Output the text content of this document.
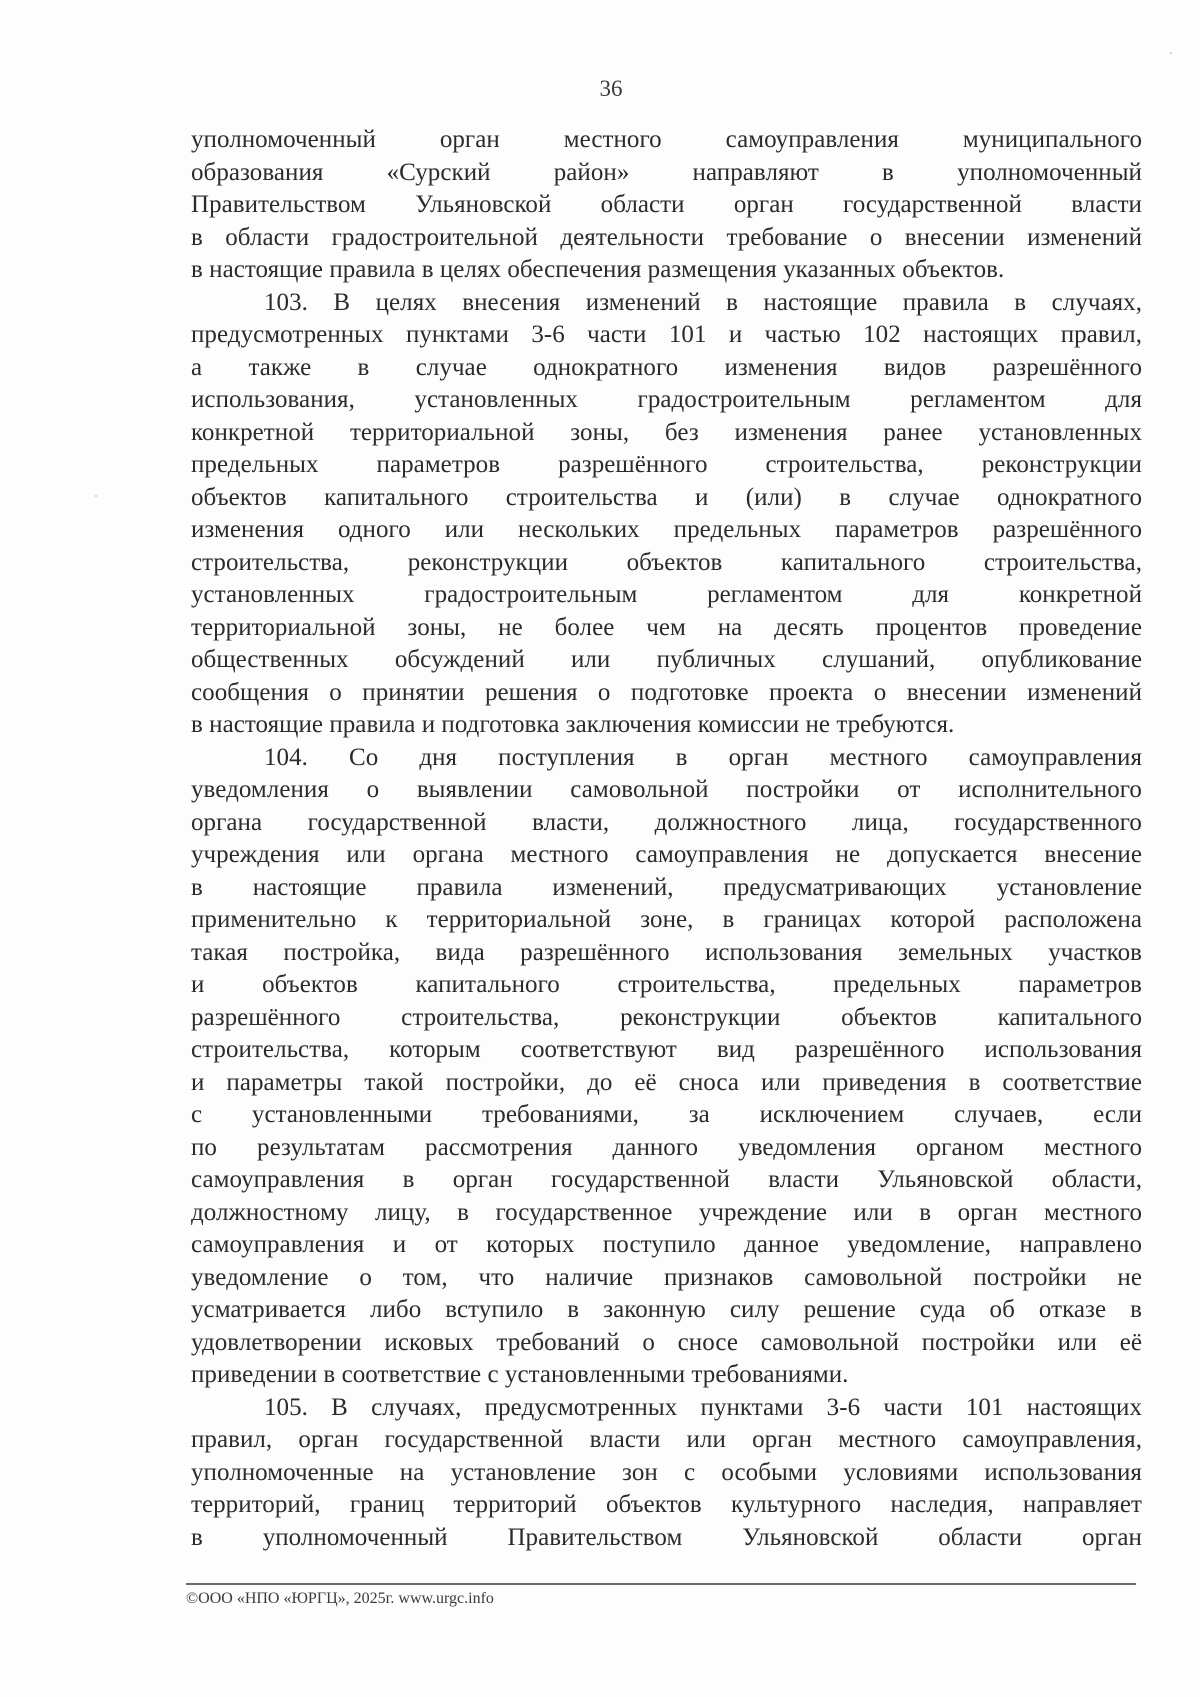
36
уполномоченный орган местного самоуправления муниципального
образования «Сурский район» направляют в уполномоченный
Правительством Ульяновской области орган государственной власти
в области градостроительной деятельности требование о внесении изменений
в настоящие правила в целях обеспечения размещения указанных объектов.
103. В целях внесения изменений в настоящие правила в случаях,
предусмотренных пунктами 3-6 части 101 и частью 102 настоящих правил,
а также в случае однократного изменения видов разрешённого
использования, установленных градостроительным регламентом для
конкретной территориальной зоны, без изменения ранее установленных
предельных параметров разрешённого строительства, реконструкции
объектов капитального строительства и (или) в случае однократного
изменения одного или нескольких предельных параметров разрешённого
строительства, реконструкции объектов капитального строительства,
установленных градостроительным регламентом для конкретной
территориальной зоны, не более чем на десять процентов проведение
общественных обсуждений или публичных слушаний, опубликование
сообщения о принятии решения о подготовке проекта о внесении изменений
в настоящие правила и подготовка заключения комиссии не требуются.
104. Со дня поступления в орган местного самоуправления
уведомления о выявлении самовольной постройки от исполнительного
органа государственной власти, должностного лица, государственного
учреждения или органа местного самоуправления не допускается внесение
в настоящие правила изменений, предусматривающих установление
применительно к территориальной зоне, в границах которой расположена
такая постройка, вида разрешённого использования земельных участков
и объектов капитального строительства, предельных параметров
разрешённого строительства, реконструкции объектов капитального
строительства, которым соответствуют вид разрешённого использования
и параметры такой постройки, до её сноса или приведения в соответствие
с установленными требованиями, за исключением случаев, если
по результатам рассмотрения данного уведомления органом местного
самоуправления в орган государственной власти Ульяновской области,
должностному лицу, в государственное учреждение или в орган местного
самоуправления и от которых поступило данное уведомление, направлено
уведомление о том, что наличие признаков самовольной постройки не
усматривается либо вступило в законную силу решение суда об отказе в
удовлетворении исковых требований о сносе самовольной постройки или её
приведении в соответствие с установленными требованиями.
105. В случаях, предусмотренных пунктами 3-6 части 101 настоящих
правил, орган государственной власти или орган местного самоуправления,
уполномоченные на установление зон с особыми условиями использования
территорий, границ территорий объектов культурного наследия, направляет
в уполномоченный Правительством Ульяновской области орган
©ООО «НПО «ЮРГЦ», 2025г. www.urgc.info
